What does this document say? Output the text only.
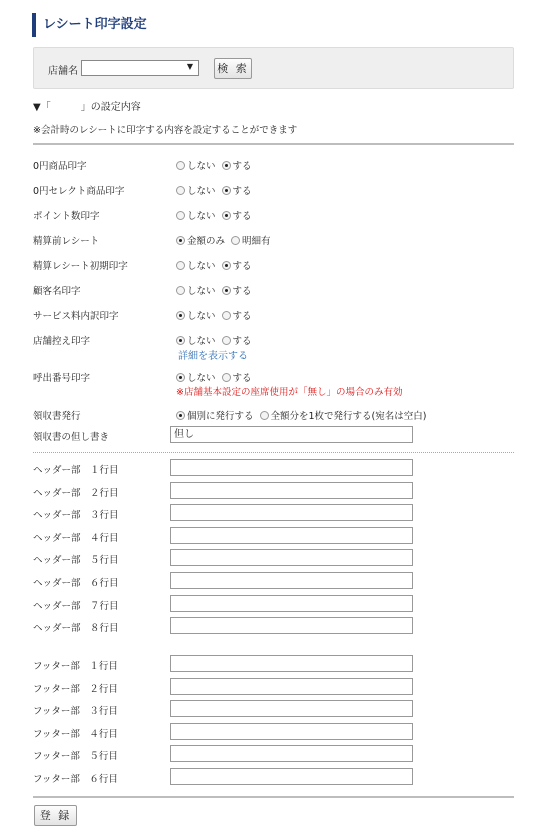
レシート印字設定
店舗名	▼ 検 索
▼「　　　」の設定内容
※会計時のレシートに印字する内容を設定することができます
0円商品印字	しない する
0円セレクト商品印字	しない する
ポイント数印字	しない する
精算前レシート	金額のみ 明細有
精算レシート初期印字	しない する
顧客名印字	しない する
サービス料内訳印字	しない する
店舗控え印字	しない する
詳細を表示する
呼出番号印字	しない する
※店舗基本設定の座席使用が「無し」の場合のみ有効
領収書発行	個別に発行する 全額分を1枚で発行する(宛名は空白)
領収書の但し書き	但し
ヘッダー部　１行目
ヘッダー部　２行目
ヘッダー部　３行目
ヘッダー部　４行目
ヘッダー部　５行目
ヘッダー部　６行目
ヘッダー部　７行目
ヘッダー部　８行目
フッター部　１行目
フッター部　２行目
フッター部　３行目
フッター部　４行目
フッター部　５行目
フッター部　６行目
登 録
